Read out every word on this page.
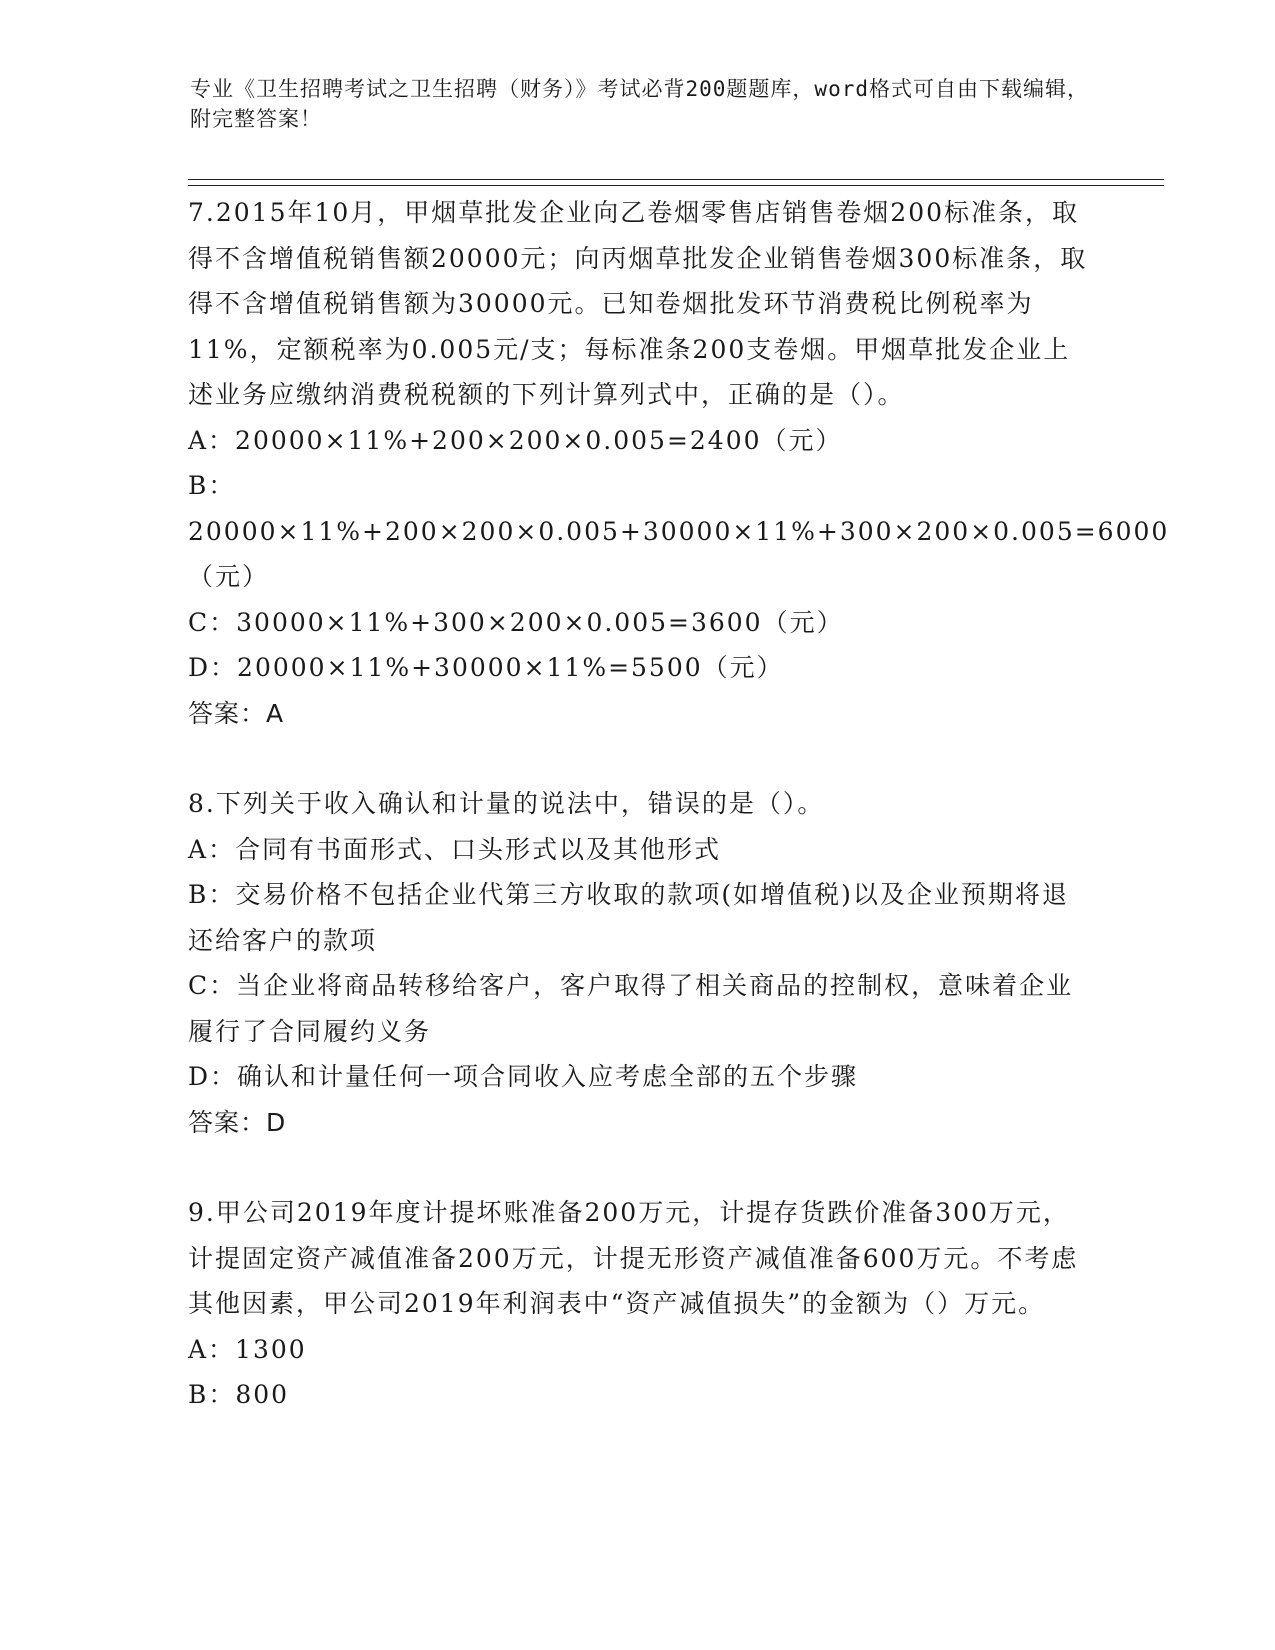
专业《卫生招聘考试之卫生招聘（财务）》考试必背200题题库，word格式可自由下载编辑，附完整答案！

7.2015年10月，甲烟草批发企业向乙卷烟零售店销售卷烟200标准条，取得不含增值税销售额20000元；向丙烟草批发企业销售卷烟300标准条，取得不含增值税销售额为30000元。已知卷烟批发环节消费税比例税率为11%，定额税率为0.005元/支；每标准条200支卷烟。甲烟草批发企业上述业务应缴纳消费税税额的下列计算列式中，正确的是（）。

A：20000×11%+200×200×0.005=2400（元）

B：20000×11%+200×200×0.005+30000×11%+300×200×0.005=6000（元）

C：30000×11%+300×200×0.005=3600（元）

D：20000×11%+30000×11%=5500（元）

答案：A

8.下列关于收入确认和计量的说法中，错误的是（）。

A：合同有书面形式、口头形式以及其他形式

B：交易价格不包括企业代第三方收取的款项(如增值税)以及企业预期将退还给客户的款项

C：当企业将商品转移给客户，客户取得了相关商品的控制权，意味着企业履行了合同履约义务

D：确认和计量任何一项合同收入应考虑全部的五个步骤

答案：D

9.甲公司2019年度计提坏账准备200万元，计提存货跌价准备300万元，计提固定资产减值准备200万元，计提无形资产减值准备600万元。不考虑其他因素，甲公司2019年利润表中“资产减值损失”的金额为（）万元。

A：1300

B：800
